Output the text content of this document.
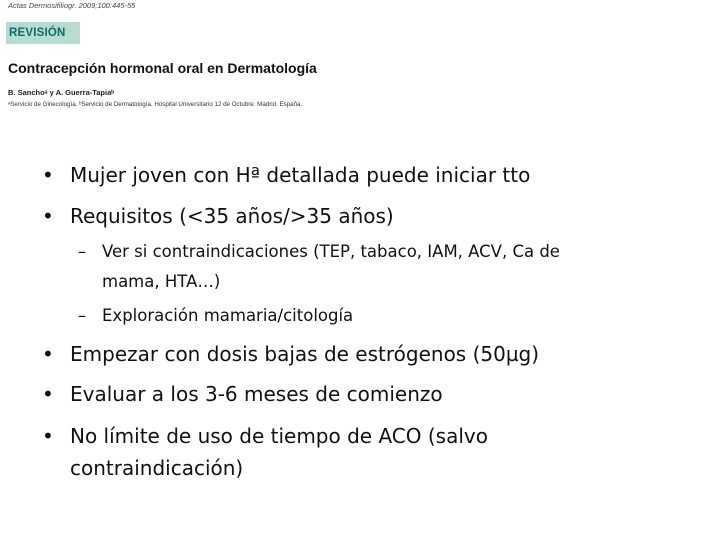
Actas Dermosifiliogr. 2009;100:445-55
REVISIÓN
Contracepción hormonal oral en Dermatología
B. Sanchoᵃ y A. Guerra-Tapiaᵇ
ᵃServicio de Ginecología. ᵇServicio de Dermatología. Hospital Universitario 12 de Octubre. Madrid. España.
• Mujer joven con Hª detallada puede iniciar tto
• Requisitos (<35 años/>35 años)
– Ver si contraindicaciones (TEP, tabaco, IAM, ACV, Ca de
mama, HTA…)
– Exploración mamaria/citología
• Empezar con dosis bajas de estrógenos (50µg)
• Evaluar a los 3-6 meses de comienzo
• No límite de uso de tiempo de ACO (salvo
contraindicación)
